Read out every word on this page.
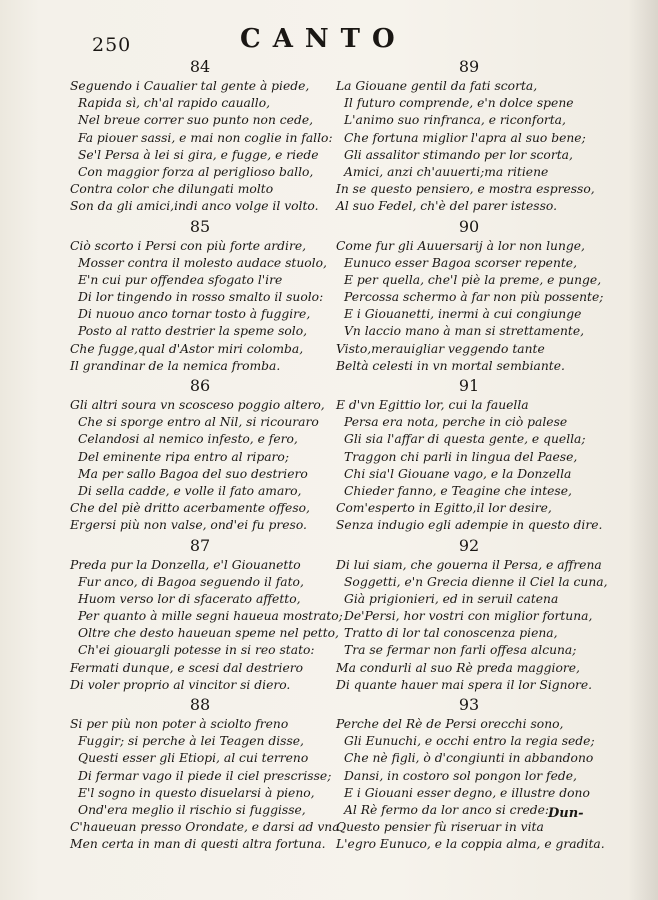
250	CANTO
84
Seguendo i Caualier tal gente à piede,
Rapida sì, ch'al rapido cauallo,
Nel breue correr suo punto non cede,
Fa piouer sassi, e mai non coglie in fallo:
Se'l Persa à lei si gira, e fugge, e riede
Con maggior forza al periglioso ballo,
Contra color che dilungati molto
Son da gli amici,indi anco volge il volto.
85
Ciò scorto i Persi con più forte ardire,
Mosser contra il molesto audace stuolo,
E'n cui pur offendea sfogato l'ire
Di lor tingendo in rosso smalto il suolo:
Di nuouo anco tornar tosto à fuggire,
Posto al ratto destrier la speme solo,
Che fugge,qual d'Astor miri colomba,
Il grandinar de la nemica fromba.
86
Gli altri soura vn scosceso poggio altero,
Che si sporge entro al Nil, si ricouraro
Celandosi al nemico infesto, e fero,
Del eminente ripa entro al riparo;
Ma per sallo Bagoa del suo destriero
Di sella cadde, e volle il fato amaro,
Che del piè dritto acerbamente offeso,
Ergersi più non valse, ond'ei fu preso.
87
Preda pur la Donzella, e'l Giouanetto
Fur anco, di Bagoa seguendo il fato,
Huom verso lor di sfacerato affetto,
Per quanto à mille segni haueua mostrato;
Oltre che desto haueuan speme nel petto,
Ch'ei giouargli potesse in si reo stato:
Fermati dunque, e scesi dal destriero
Di voler proprio al vincitor si diero.
88
Si per più non poter à sciolto freno
Fuggir; si perche à lei Teagen disse,
Questi esser gli Etiopi, al cui terreno
Di fermar vago il piede il ciel prescrisse;
E'l sogno in questo disuelarsi à pieno,
Ond'era meglio il rischio si fuggisse,
C'haueuan presso Orondate, e darsi ad vna
Men certa in man di questi altra fortuna.
89
La Giouane gentil da fati scorta,
Il futuro comprende, e'n dolce spene
L'animo suo rinfranca, e riconforta,
Che fortuna miglior l'apra al suo bene;
Gli assalitor stimando per lor scorta,
Amici, anzi ch'auuerti;ma ritiene
In se questo pensiero, e mostra espresso,
Al suo Fedel, ch'è del parer istesso.
90
Come fur gli Auuersarij à lor non lunge,
Eunuco esser Bagoa scorser repente,
E per quella, che'l piè la preme, e punge,
Percossa schermo à far non più possente;
E i Giouanetti, inermi à cui congiunge
Vn laccio mano à man si strettamente,
Visto,merauigliar veggendo tante
Beltà celesti in vn mortal sembiante.
91
E d'vn Egittio lor, cui la fauella
Persa era nota, perche in ciò palese
Gli sia l'affar di questa gente, e quella;
Traggon chi parli in lingua del Paese,
Chi sia'l Giouane vago, e la Donzella
Chieder fanno, e Teagine che intese,
Com'esperto in Egitto,il lor desire,
Senza indugio egli adempie in questo dire.
92
Di lui siam, che gouerna il Persa, e affrena
Soggetti, e'n Grecia dienne il Ciel la cuna,
Già prigionieri, ed in seruil catena
De'Persi, hor vostri con miglior fortuna,
Tratto di lor tal conoscenza piena,
Tra se fermar non farli offesa alcuna;
Ma condurli al suo Rè preda maggiore,
Di quante hauer mai spera il lor Signore.
93
Perche del Rè de Persi orecchi sono,
Gli Eunuchi, e occhi entro la regia sede;
Che nè figli, ò d'congiunti in abbandono
Dansi, in costoro sol pongon lor fede,
E i Giouani esser degno, e illustre dono
Al Rè fermo da lor anco si crede:
Questo pensier fù riseruar in vita
L'egro Eunuco, e la coppia alma, e gradita.
Dun-
